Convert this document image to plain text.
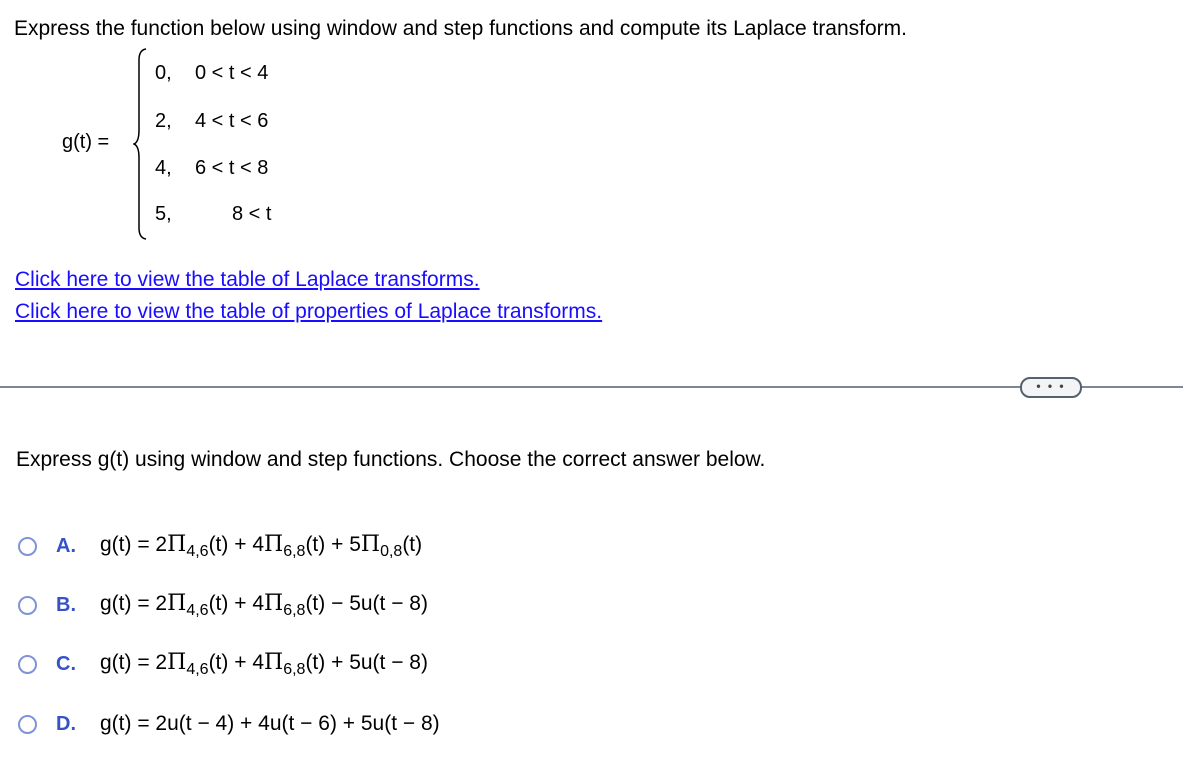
Express the function below using window and step functions and compute its Laplace transform.
g(t) =
0, 0 < t < 4
2, 4 < t < 6
4, 6 < t < 8
5,	8 < t
Click here to view the table of Laplace transforms.
Click here to view the table of properties of Laplace transforms.
• • •
Express g(t) using window and step functions. Choose the correct answer below.
A.	$g(t) = 2\Pi_{4,6}(t) + 4\Pi_{6,8}(t) + 5\Pi_{0,8}(t)$
B.	$g(t) = 2\Pi_{4,6}(t) + 4\Pi_{6,8}(t) - 5u(t - 8)$
C.	$g(t) = 2\Pi_{4,6}(t) + 4\Pi_{6,8}(t) + 5u(t - 8)$
D.	g(t) = 2u(t − 4) + 4u(t − 6) + 5u(t − 8)
